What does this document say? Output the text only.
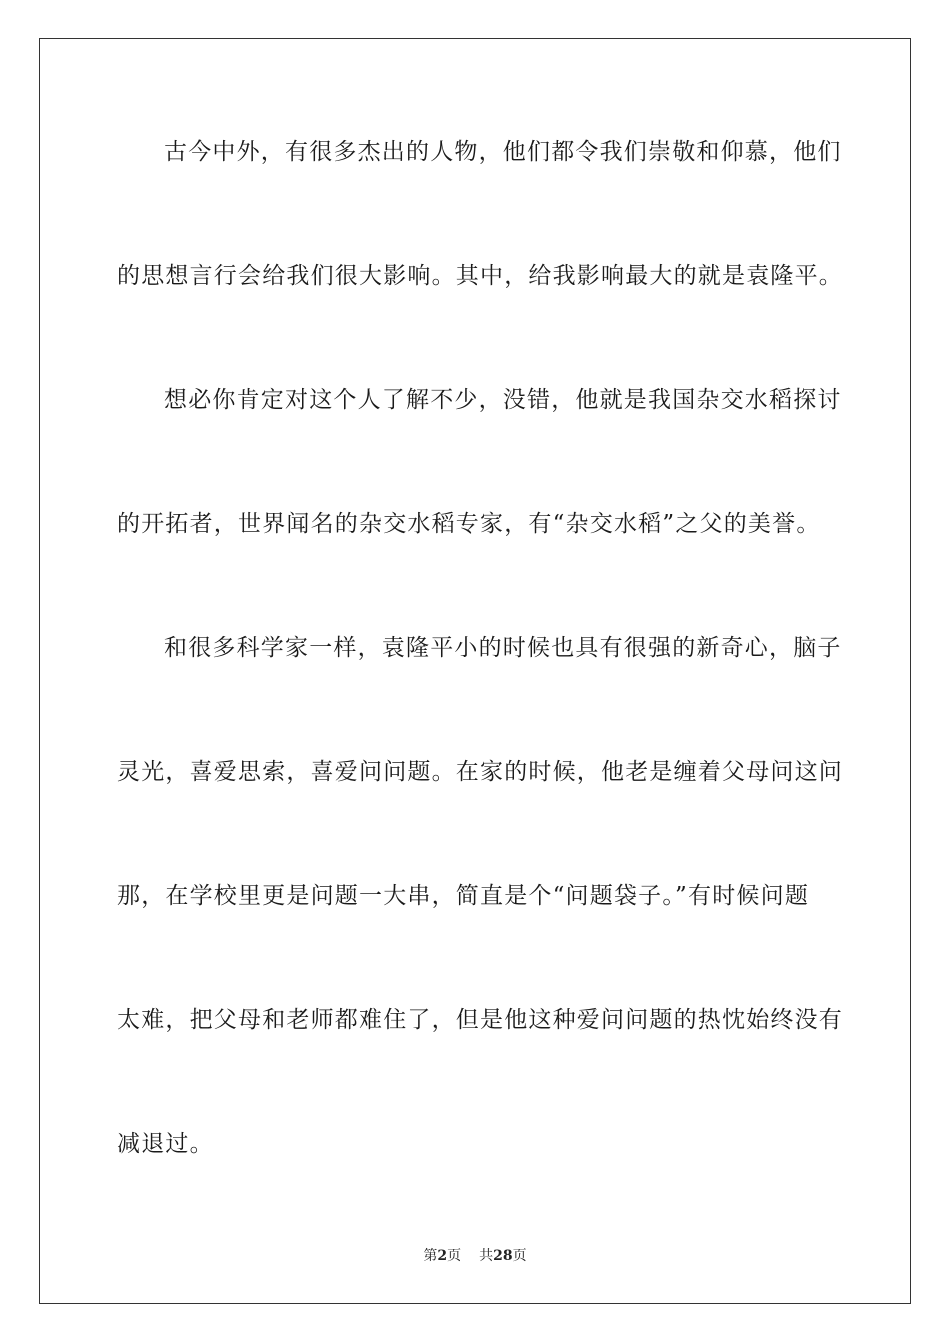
古今中外，有很多杰出的人物，他们都令我们崇敬和仰慕，他们
的思想言行会给我们很大影响。其中，给我影响最大的就是袁隆平。
想必你肯定对这个人了解不少，没错，他就是我国杂交水稻探讨
的开拓者，世界闻名的杂交水稻专家，有“杂交水稻”之父的美誉。
和很多科学家一样，袁隆平小的时候也具有很强的新奇心，脑子
灵光，喜爱思索，喜爱问问题。在家的时候，他老是缠着父母问这问
那，在学校里更是问题一大串，简直是个“问题袋子。”有时候问题
太难，把父母和老师都难住了，但是他这种爱问问题的热忱始终没有
减退过。
第2页 共28页
